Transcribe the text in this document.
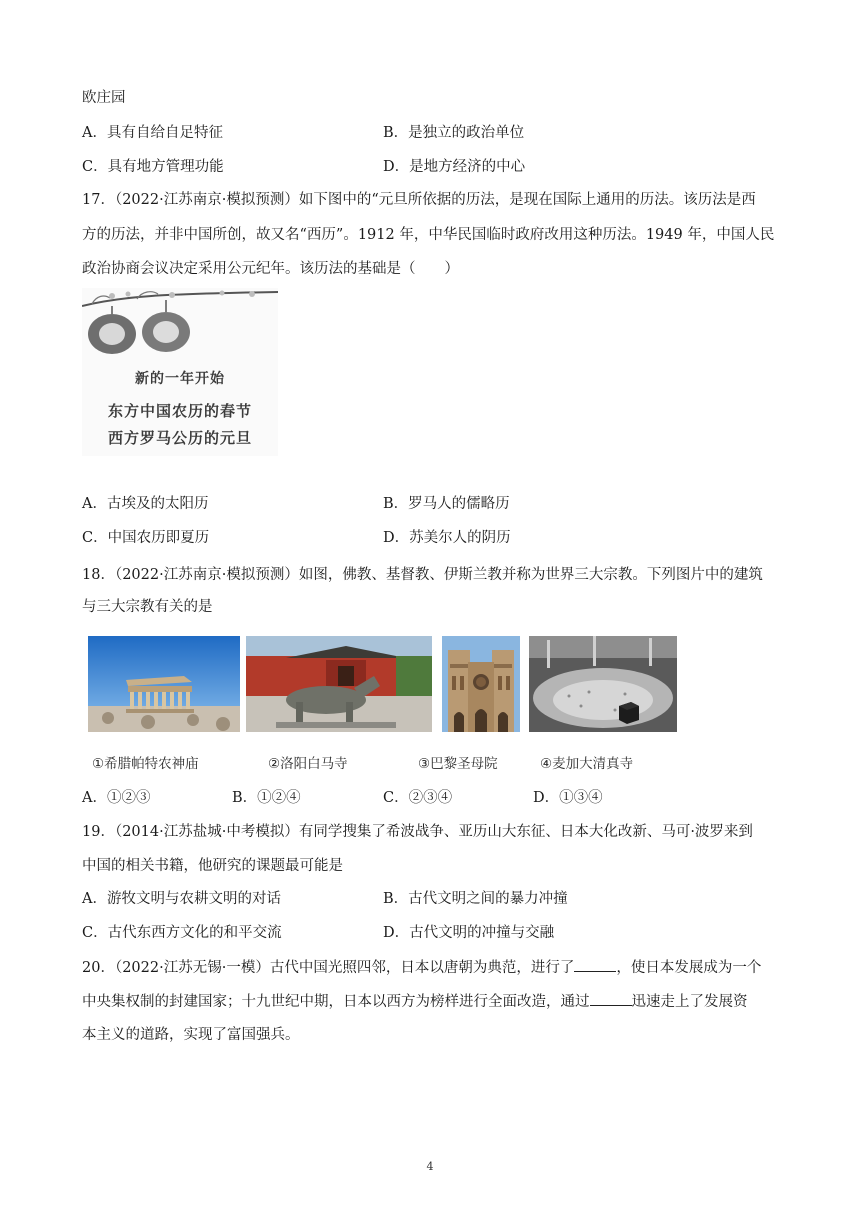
欧庄园
A．具有自给自足特征	B．是独立的政治单位
C．具有地方管理功能	D．是地方经济的中心
17．（2022·江苏南京·模拟预测）如下图中的“元旦所依据的历法，是现在国际上通用的历法。该历法是西
方的历法，并非中国所创，故又名“西历”。1912 年，中华民国临时政府改用这种历法。1949 年，中国人民
政治协商会议决定采用公元纪年。该历法的基础是（　　）
新的一年开始
东方中国农历的春节
西方罗马公历的元旦
A．古埃及的太阳历	B．罗马人的儒略历
C．中国农历即夏历	D．苏美尔人的阴历
18．（2022·江苏南京·模拟预测）如图，佛教、基督教、伊斯兰教并称为世界三大宗教。下列图片中的建筑
与三大宗教有关的是
①希腊帕特农神庙	②洛阳白马寺	③巴黎圣母院	④麦加大清真寺
A．①②③	B．①②④	C．②③④	D．①③④
19．（2014·江苏盐城·中考模拟）有同学搜集了希波战争、亚历山大东征、日本大化改新、马可·波罗来到
中国的相关书籍，他研究的课题最可能是
A．游牧文明与农耕文明的对话	B．古代文明之间的暴力冲撞
C．古代东西方文化的和平交流	D．古代文明的冲撞与交融
20．（2022·江苏无锡·一模）古代中国光照四邻，日本以唐朝为典范，进行了	，使日本发展成为一个
中央集权制的封建国家；十九世纪中期，日本以西方为榜样进行全面改造，通过	迅速走上了发展资
本主义的道路，实现了富国强兵。
4
